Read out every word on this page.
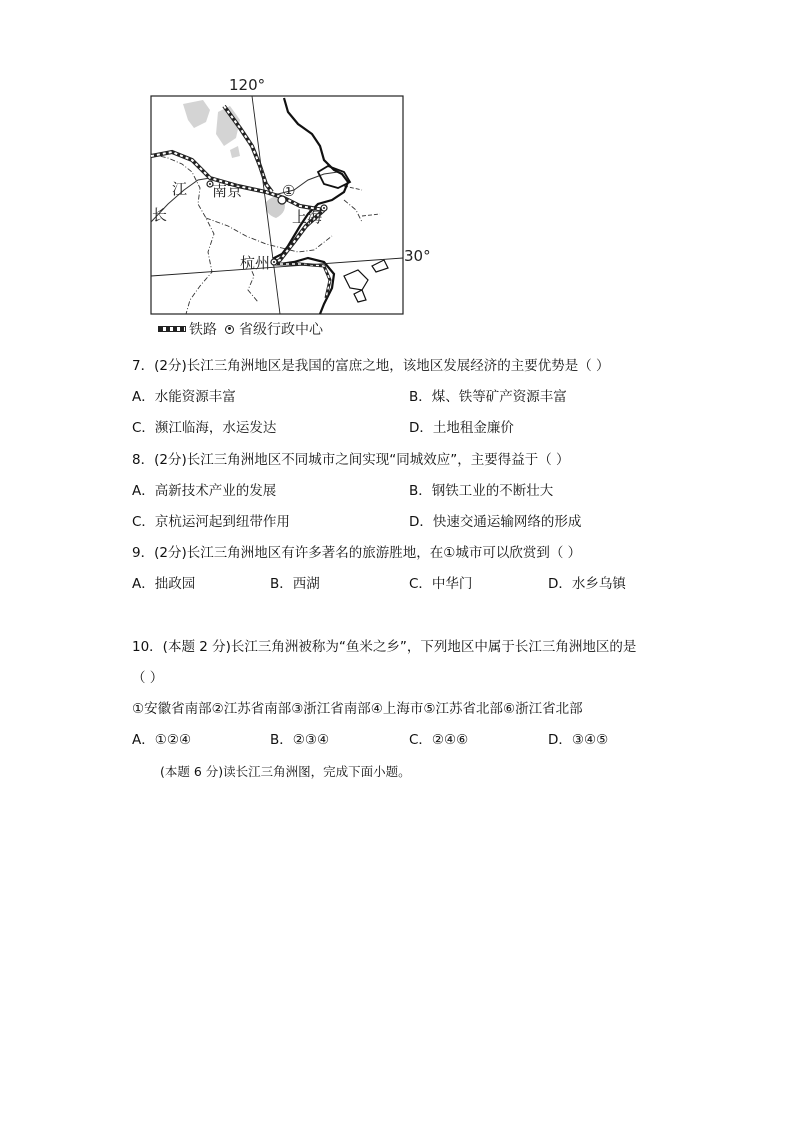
120°
30°
江
长
南京	①
上海
杭州
铁路 省级行政中心
7．(2分)长江三角洲地区是我国的富庶之地，该地区发展经济的主要优势是（ ）
A．水能资源丰富	B．煤、铁等矿产资源丰富
C．濒江临海，水运发达	D．土地租金廉价
8．(2分)长江三角洲地区不同城市之间实现“同城效应”，主要得益于（ ）
A．高新技术产业的发展	B．钢铁工业的不断壮大
C．京杭运河起到纽带作用	D．快速交通运输网络的形成
9．(2分)长江三角洲地区有许多著名的旅游胜地，在①城市可以欣赏到（ ）
A．拙政园	B．西湖	C．中华门	D．水乡乌镇
10．(本题 2 分)长江三角洲被称为“鱼米之乡”，下列地区中属于长江三角洲地区的是
（ ）
①安徽省南部②江苏省南部③浙江省南部④上海市⑤江苏省北部⑥浙江省北部
A．①②④	B．②③④	C．②④⑥	D．③④⑤
(本题 6 分)读长江三角洲图，完成下面小题。
